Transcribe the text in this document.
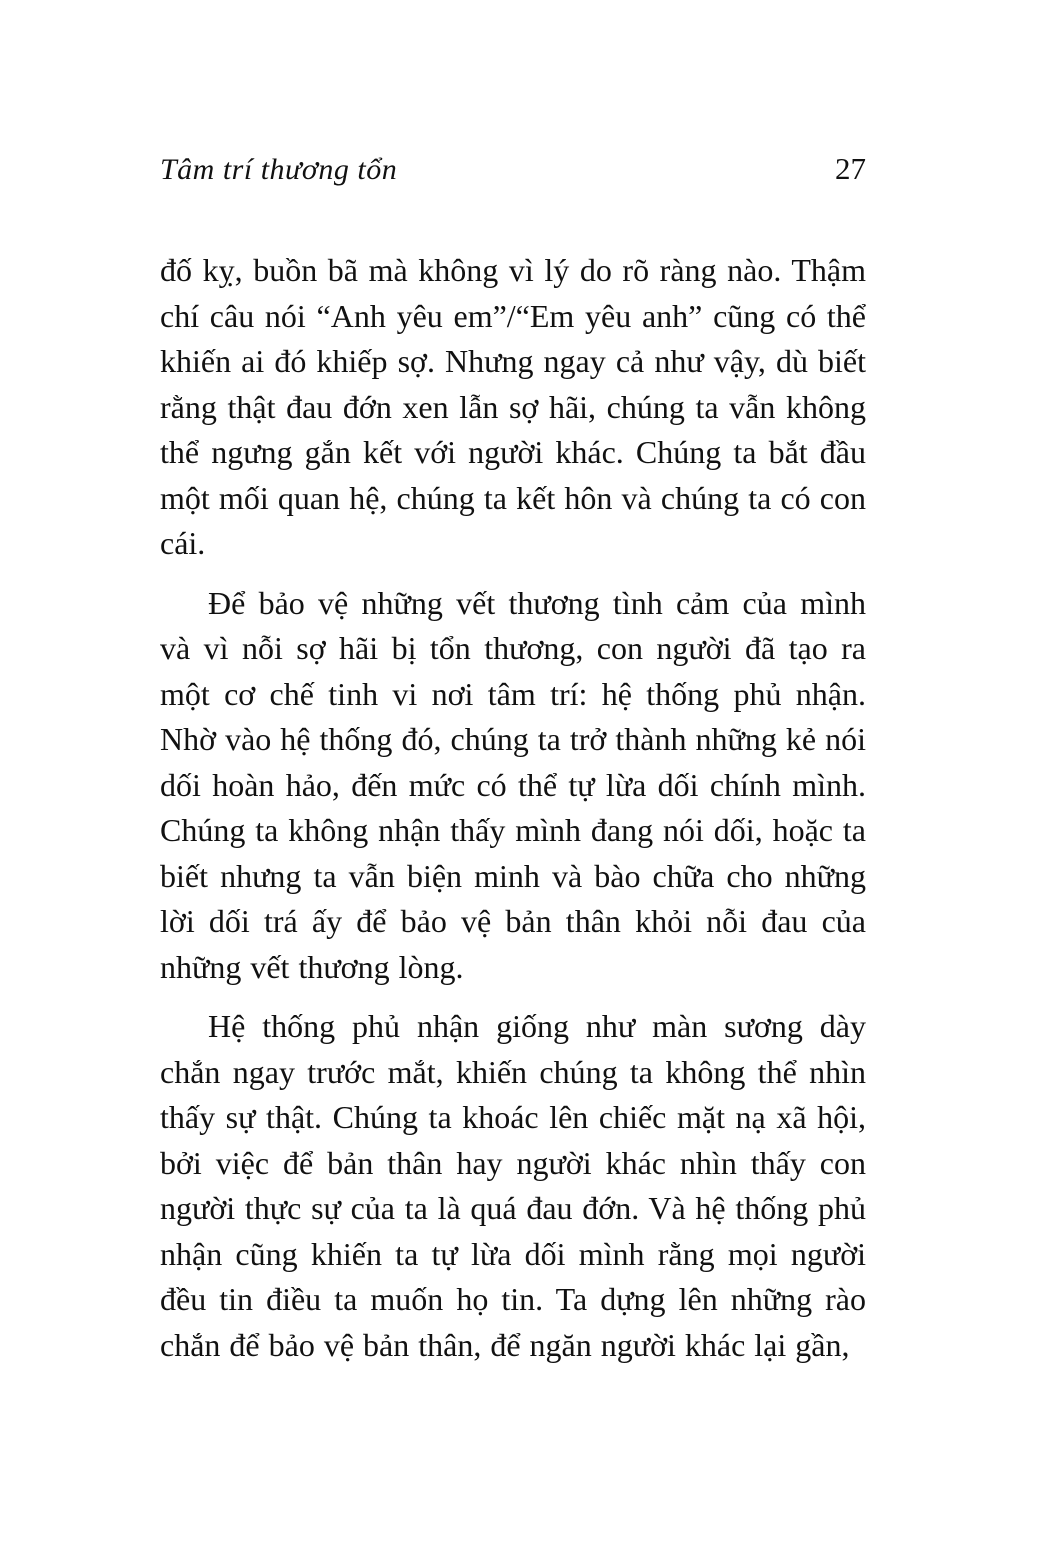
Tâm trí thương tổn	27

đố kỵ, buồn bã mà không vì lý do rõ ràng nào. Thậm chí câu nói “Anh yêu em”/“Em yêu anh” cũng có thể khiến ai đó khiếp sợ. Nhưng ngay cả như vậy, dù biết rằng thật đau đớn xen lẫn sợ hãi, chúng ta vẫn không thể ngưng gắn kết với người khác. Chúng ta bắt đầu một mối quan hệ, chúng ta kết hôn và chúng ta có con cái.

Để bảo vệ những vết thương tình cảm của mình và vì nỗi sợ hãi bị tổn thương, con người đã tạo ra một cơ chế tinh vi nơi tâm trí: hệ thống phủ nhận. Nhờ vào hệ thống đó, chúng ta trở thành những kẻ nói dối hoàn hảo, đến mức có thể tự lừa dối chính mình. Chúng ta không nhận thấy mình đang nói dối, hoặc ta biết nhưng ta vẫn biện minh và bào chữa cho những lời dối trá ấy để bảo vệ bản thân khỏi nỗi đau của những vết thương lòng.

Hệ thống phủ nhận giống như màn sương dày chắn ngay trước mắt, khiến chúng ta không thể nhìn thấy sự thật. Chúng ta khoác lên chiếc mặt nạ xã hội, bởi việc để bản thân hay người khác nhìn thấy con người thực sự của ta là quá đau đớn. Và hệ thống phủ nhận cũng khiến ta tự lừa dối mình rằng mọi người đều tin điều ta muốn họ tin. Ta dựng lên những rào chắn để bảo vệ bản thân, để ngăn người khác lại gần,
